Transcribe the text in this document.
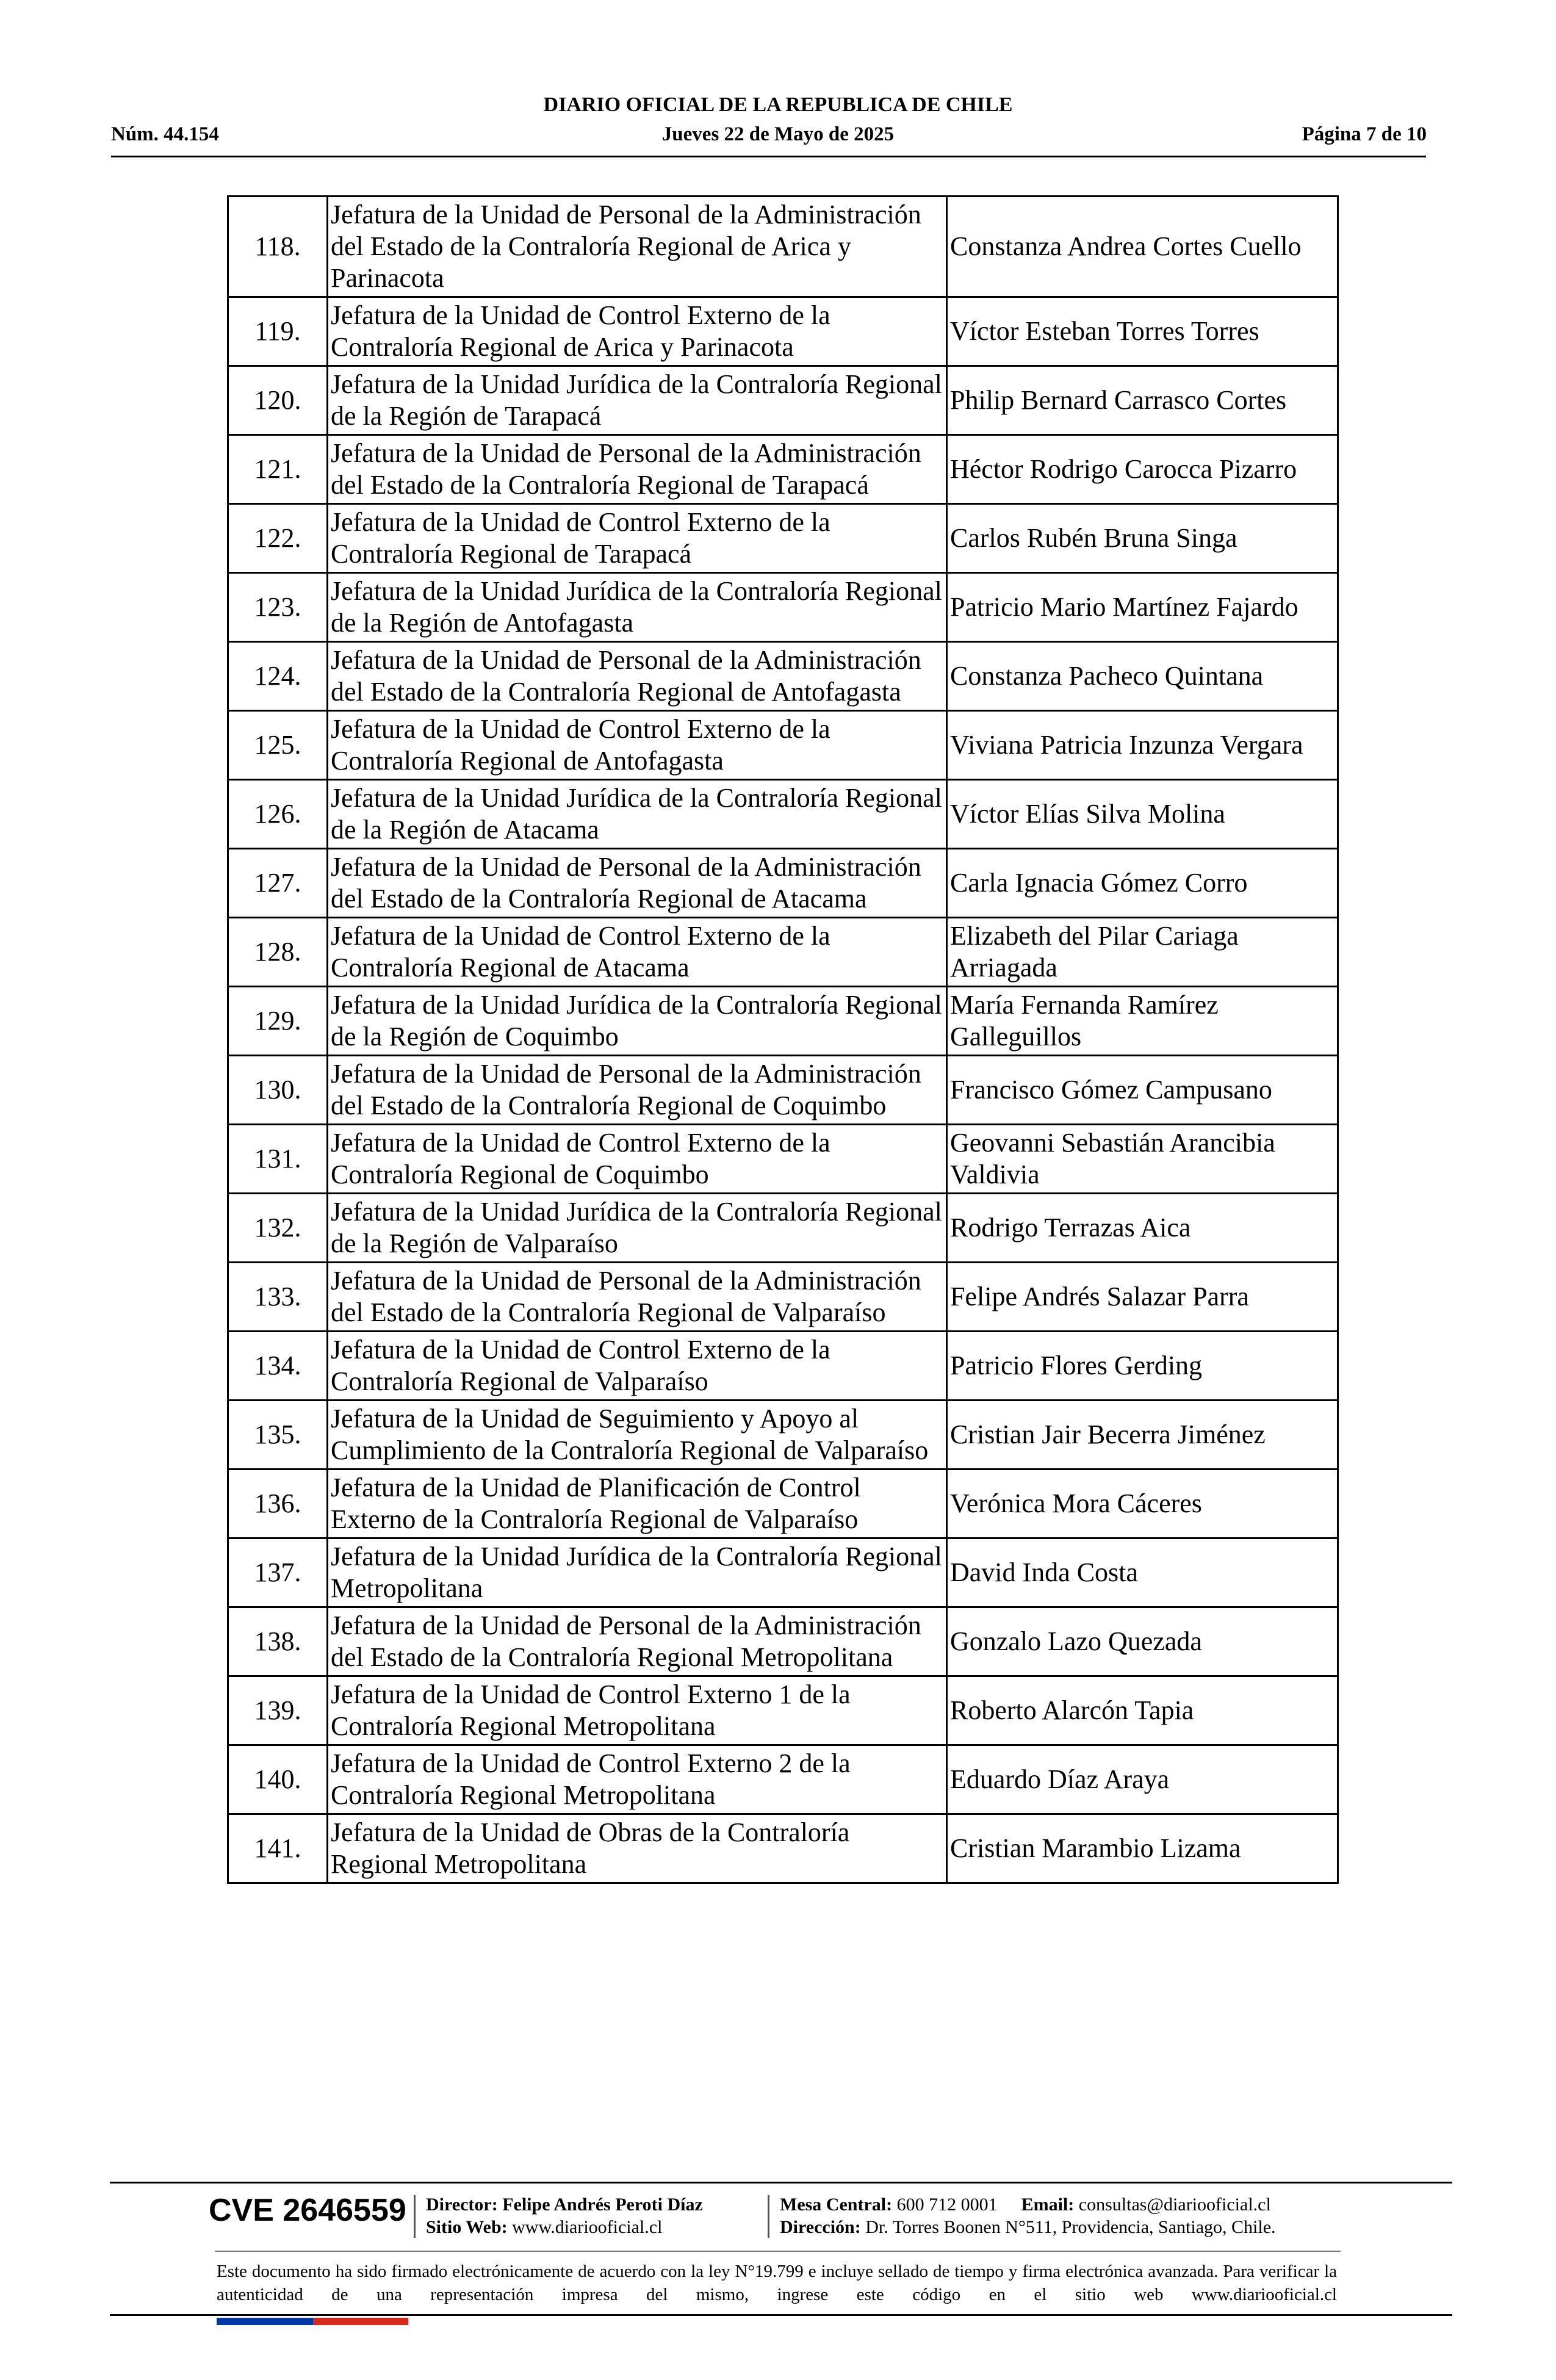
DIARIO OFICIAL DE LA REPUBLICA DE CHILE
Núm. 44.154	Jueves 22 de Mayo de 2025	Página 7 de 10
118.	Jefatura de la Unidad de Personal de la Administración del Estado de la Contraloría Regional de Arica y Parinacota	Constanza Andrea Cortes Cuello
119.	Jefatura de la Unidad de Control Externo de la Contraloría Regional de Arica y Parinacota	Víctor Esteban Torres Torres
120.	Jefatura de la Unidad Jurídica de la Contraloría Regional de la Región de Tarapacá	Philip Bernard Carrasco Cortes
121.	Jefatura de la Unidad de Personal de la Administración del Estado de la Contraloría Regional de Tarapacá	Héctor Rodrigo Carocca Pizarro
122.	Jefatura de la Unidad de Control Externo de la Contraloría Regional de Tarapacá	Carlos Rubén Bruna Singa
123.	Jefatura de la Unidad Jurídica de la Contraloría Regional de la Región de Antofagasta	Patricio Mario Martínez Fajardo
124.	Jefatura de la Unidad de Personal de la Administración del Estado de la Contraloría Regional de Antofagasta	Constanza Pacheco Quintana
125.	Jefatura de la Unidad de Control Externo de la Contraloría Regional de Antofagasta	Viviana Patricia Inzunza Vergara
126.	Jefatura de la Unidad Jurídica de la Contraloría Regional de la Región de Atacama	Víctor Elías Silva Molina
127.	Jefatura de la Unidad de Personal de la Administración del Estado de la Contraloría Regional de Atacama	Carla Ignacia Gómez Corro
128.	Jefatura de la Unidad de Control Externo de la Contraloría Regional de Atacama	Elizabeth del Pilar Cariaga Arriagada
129.	Jefatura de la Unidad Jurídica de la Contraloría Regional de la Región de Coquimbo	María Fernanda Ramírez Galleguillos
130.	Jefatura de la Unidad de Personal de la Administración del Estado de la Contraloría Regional de Coquimbo	Francisco Gómez Campusano
131.	Jefatura de la Unidad de Control Externo de la Contraloría Regional de Coquimbo	Geovanni Sebastián Arancibia Valdivia
132.	Jefatura de la Unidad Jurídica de la Contraloría Regional de la Región de Valparaíso	Rodrigo Terrazas Aica
133.	Jefatura de la Unidad de Personal de la Administración del Estado de la Contraloría Regional de Valparaíso	Felipe Andrés Salazar Parra
134.	Jefatura de la Unidad de Control Externo de la Contraloría Regional de Valparaíso	Patricio Flores Gerding
135.	Jefatura de la Unidad de Seguimiento y Apoyo al Cumplimiento de la Contraloría Regional de Valparaíso	Cristian Jair Becerra Jiménez
136.	Jefatura de la Unidad de Planificación de Control Externo de la Contraloría Regional de Valparaíso	Verónica Mora Cáceres
137.	Jefatura de la Unidad Jurídica de la Contraloría Regional Metropolitana	David Inda Costa
138.	Jefatura de la Unidad de Personal de la Administración del Estado de la Contraloría Regional Metropolitana	Gonzalo Lazo Quezada
139.	Jefatura de la Unidad de Control Externo 1 de la Contraloría Regional Metropolitana	Roberto Alarcón Tapia
140.	Jefatura de la Unidad de Control Externo 2 de la Contraloría Regional Metropolitana	Eduardo Díaz Araya
141.	Jefatura de la Unidad de Obras de la Contraloría Regional Metropolitana	Cristian Marambio Lizama
CVE 2646559 Director: Felipe Andrés Peroti Díaz
Sitio Web: www.diariooficial.cl
Mesa Central: 600 712 0001 Email: consultas@diariooficial.cl
Dirección: Dr. Torres Boonen N°511, Providencia, Santiago, Chile.
Este documento ha sido firmado electrónicamente de acuerdo con la ley N°19.799 e incluye sellado de tiempo y firma electrónica avanzada. Para verificar la autenticidad de una representación impresa del mismo, ingrese este código en el sitio web www.diariooficial.cl
